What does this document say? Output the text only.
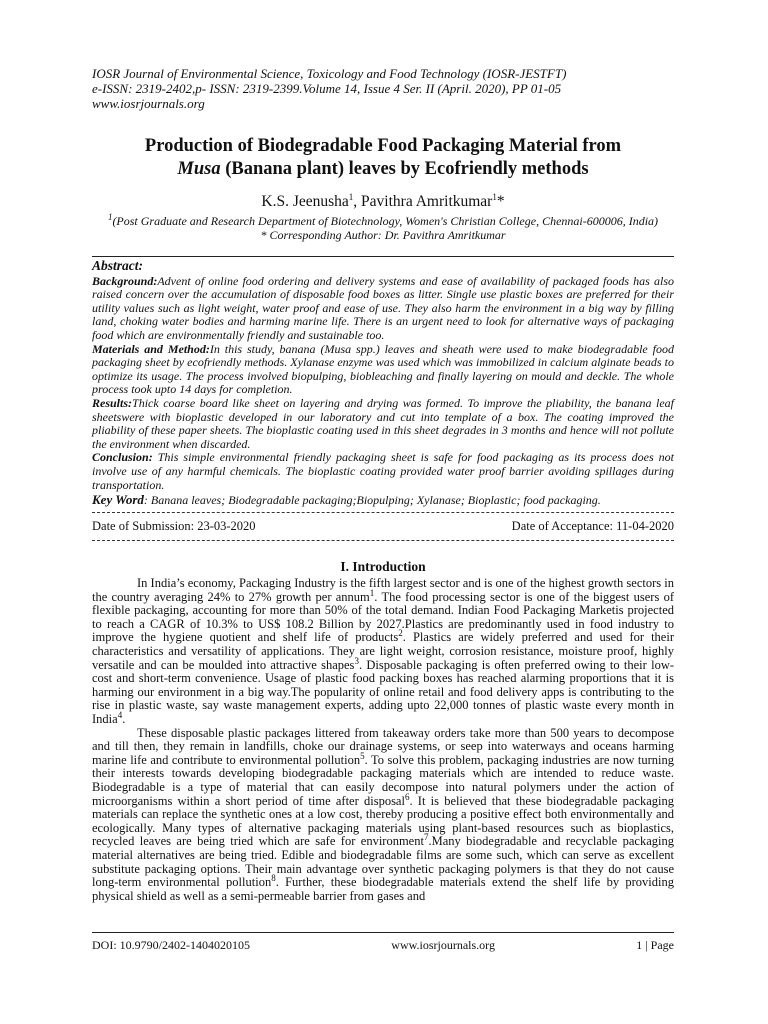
IOSR Journal of Environmental Science, Toxicology and Food Technology (IOSR-JESTFT)
e-ISSN: 2319-2402,p- ISSN: 2319-2399.Volume 14, Issue 4 Ser. II (April. 2020), PP 01-05
www.iosrjournals.org
Production of Biodegradable Food Packaging Material from
Musa (Banana plant) leaves by Ecofriendly methods
K.S. Jeenusha$^1$, Pavithra Amritkumar$^1$*
$^1$(Post Graduate and Research Department of Biotechnology, Women's Christian College, Chennai-600006, India)
* Corresponding Author: Dr. Pavithra Amritkumar
Abstract:

Background:Advent of online food ordering and delivery systems and ease of availability of packaged foods has also raised concern over the accumulation of disposable food boxes as litter. Single use plastic boxes are preferred for their utility values such as light weight, water proof and ease of use. They also harm the environment in a big way by filling land, choking water bodies and harming marine life. There is an urgent need to look for alternative ways of packaging food which are environmentally friendly and sustainable too.

Materials and Method:In this study, banana (Musa spp.) leaves and sheath were used to make biodegradable food packaging sheet by ecofriendly methods. Xylanase enzyme was used which was immobilized in calcium alginate beads to optimize its usage. The process involved biopulping, biobleaching and finally layering on mould and deckle. The whole process took upto 14 days for completion.

Results:Thick coarse board like sheet on layering and drying was formed. To improve the pliability, the banana leaf sheetswere with bioplastic developed in our laboratory and cut into template of a box. The coating improved the pliability of these paper sheets. The bioplastic coating used in this sheet degrades in 3 months and hence will not pollute the environment when discarded.

Conclusion: This simple environmental friendly packaging sheet is safe for food packaging as its process does not involve use of any harmful chemicals. The bioplastic coating provided water proof barrier avoiding spillages during transportation.

Key Word: Banana leaves; Biodegradable packaging;Biopulping; Xylanase; Bioplastic; food packaging.
Date of Submission: 23-03-2020	Date of Acceptance: 11-04-2020
I. Introduction

In India’s economy, Packaging Industry is the fifth largest sector and is one of the highest growth sectors in the country averaging 24% to 27% growth per annum$^1$. The food processing sector is one of the biggest users of flexible packaging, accounting for more than 50% of the total demand. Indian Food Packaging Marketis projected to reach a CAGR of 10.3% to US$ 108.2 Billion by 2027.Plastics are predominantly used in food industry to improve the hygiene quotient and shelf life of products$^2$. Plastics are widely preferred and used for their characteristics and versatility of applications. They are light weight, corrosion resistance, moisture proof, highly versatile and can be moulded into attractive shapes$^3$. Disposable packaging is often preferred owing to their low-cost and short-term convenience. Usage of plastic food packing boxes has reached alarming proportions that it is harming our environment in a big way.The popularity of online retail and food delivery apps is contributing to the rise in plastic waste, say waste management experts, adding upto 22,000 tonnes of plastic waste every month in India$^4$.

These disposable plastic packages littered from takeaway orders take more than 500 years to decompose and till then, they remain in landfills, choke our drainage systems, or seep into waterways and oceans harming marine life and contribute to environmental pollution$^5$. To solve this problem, packaging industries are now turning their interests towards developing biodegradable packaging materials which are intended to reduce waste. Biodegradable is a type of material that can easily decompose into natural polymers under the action of microorganisms within a short period of time after disposal$^6$. It is believed that these biodegradable packaging materials can replace the synthetic ones at a low cost, thereby producing a positive effect both environmentally and ecologically. Many types of alternative packaging materials using plant-based resources such as bioplastics, recycled leaves are being tried which are safe for environment$^7$.Many biodegradable and recyclable packaging material alternatives are being tried. Edible and biodegradable films are some such, which can serve as excellent substitute packaging options. Their main advantage over synthetic packaging polymers is that they do not cause long-term environmental pollution$^8$. Further, these biodegradable materials extend the shelf life by providing physical shield as well as a semi-permeable barrier from gases and

DOI: 10.9790/2402-1404020105	www.iosrjournals.org	1 | Page
